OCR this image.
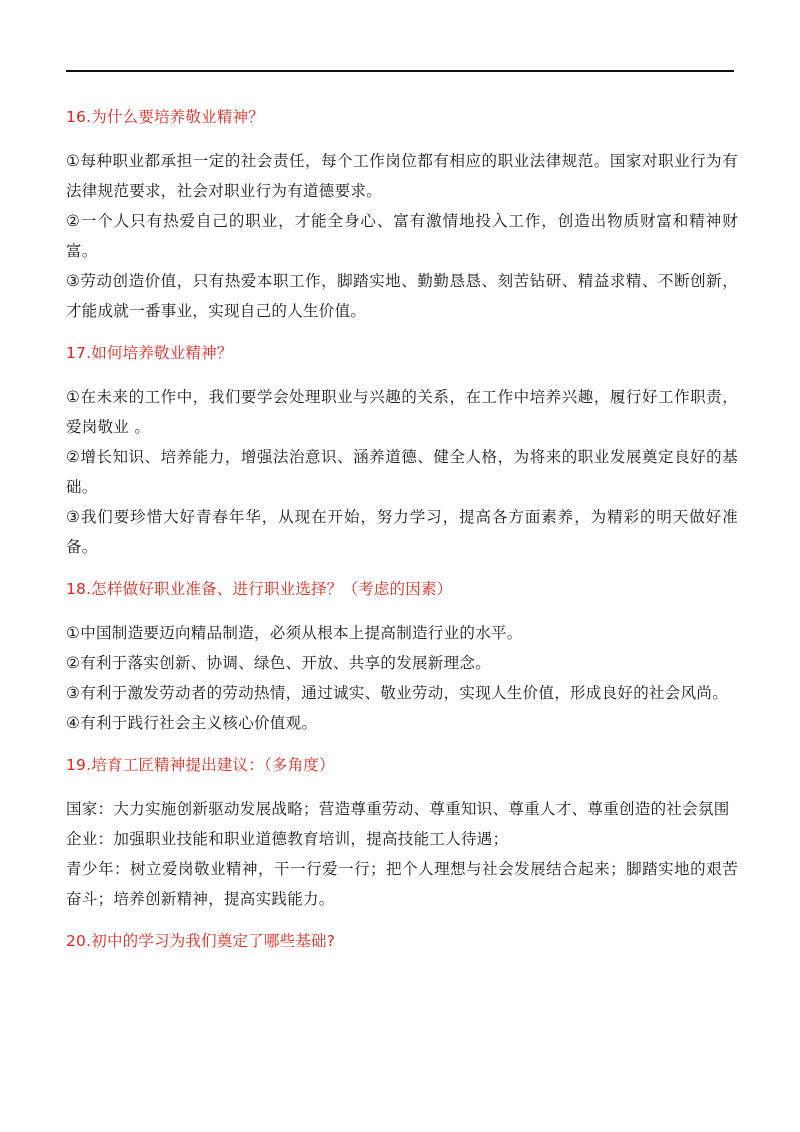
16.为什么要培养敬业精神？

①每种职业都承担一定的社会责任，每个工作岗位都有相应的职业法律规范。国家对职业行为有法律规范要求，社会对职业行为有道德要求。

②一个人只有热爱自己的职业，才能全身心、富有激情地投入工作，创造出物质财富和精神财富。

③劳动创造价值，只有热爱本职工作，脚踏实地、勤勤恳恳、刻苦钻研、精益求精、不断创新，才能成就一番事业，实现自己的人生价值。

17.如何培养敬业精神？

①在未来的工作中，我们要学会处理职业与兴趣的关系，在工作中培养兴趣，履行好工作职责，爱岗敬业 。

②增长知识、培养能力，增强法治意识、涵养道德、健全人格，为将来的职业发展奠定良好的基础。

③我们要珍惜大好青春年华，从现在开始，努力学习，提高各方面素养，为精彩的明天做好准备。

18.怎样做好职业准备、进行职业选择？（考虑的因素）

①中国制造要迈向精品制造，必须从根本上提高制造行业的水平。

②有利于落实创新、协调、绿色、开放、共享的发展新理念。

③有利于激发劳动者的劳动热情，通过诚实、敬业劳动，实现人生价值，形成良好的社会风尚。

④有利于践行社会主义核心价值观。

19.培育工匠精神提出建议：（多角度）

国家：大力实施创新驱动发展战略；营造尊重劳动、尊重知识、尊重人才、尊重创造的社会氛围

企业：加强职业技能和职业道德教育培训，提高技能工人待遇；

青少年：树立爱岗敬业精神，干一行爱一行；把个人理想与社会发展结合起来；脚踏实地的艰苦奋斗；培养创新精神，提高实践能力。

20.初中的学习为我们奠定了哪些基础?
